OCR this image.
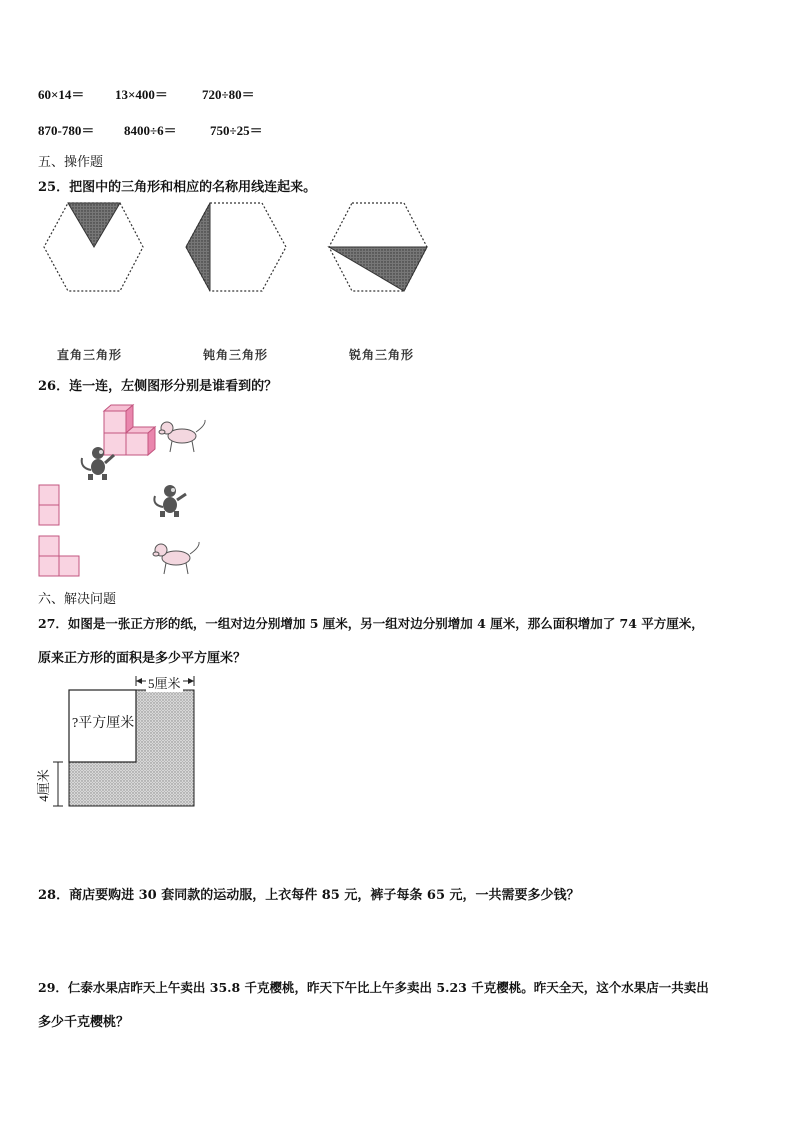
60×14＝ 13×400＝	720÷80＝
870-780＝ 8400÷6＝	750÷25＝
五、操作题
25．把图中的三角形和相应的名称用线连起来。
直角三角形	钝角三角形	锐角三角形
26．连一连，左侧图形分别是谁看到的？
六、解决问题
27．如图是一张正方形的纸，一组对边分别增加 5 厘米，另一组对边分别增加 4 厘米，那么面积增加了 74 平方厘米，
原来正方形的面积是多少平方厘米？
5厘米
?平方厘米
4厘米
28．商店要购进 30 套同款的运动服，上衣每件 85 元，裤子每条 65 元，一共需要多少钱？
29．仁泰水果店昨天上午卖出 35.8 千克樱桃，昨天下午比上午多卖出 5.23 千克樱桃。昨天全天，这个水果店一共卖出
多少千克樱桃？
